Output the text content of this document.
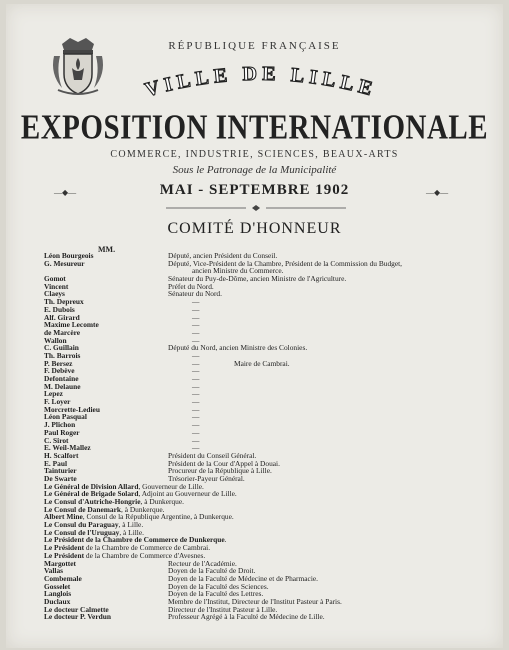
RÉPUBLIQUE FRANÇAISE
VILLE DE LILLE
EXPOSITION INTERNATIONALE
COMMERCE, INDUSTRIE, SCIENCES, BEAUX-ARTS
Sous le Patronage de la Municipalité
—◆—	MAI - SEPTEMBRE 1902	—◆—
COMITÉ D'HONNEUR
MM.
Léon Bourgeois	Député, ancien Président du Conseil.
G. Mesureur	Député, Vice-Président de la Chambre, Président de la Commission du Budget,
ancien Ministre du Commerce.
Gomot	Sénateur du Puy-de-Dôme, ancien Ministre de l'Agriculture.
Vincent	Préfet du Nord.
Claeys	Sénateur du Nord.
Th. Depreux	—
E. Dubois	—
Alf. Girard	—
Maxime Lecomte	—
de Marcère	—
Wallon	—
C. Guillain	Député du Nord, ancien Ministre des Colonies.
Th. Barrois	—
P. Bersez	—	Maire de Cambrai.
F. Debève	—
Defontaine	—
M. Delaune	—
Lepez	—
F. Loyer	—
Morcrette-Ledieu	—
Léon Pasqual	—
J. Plichon	—
Paul Roger	—
C. Sirot	—
E. Weil-Mallez	—
H. Scalfort	Président du Conseil Général.
E. Paul	Président de la Cour d'Appel à Douai.
Tainturier	Procureur de la République à Lille.
De Swarte	Trésorier-Payeur Général.
Le Général de Division Allard, Gouverneur de Lille.
Le Général de Brigade Solard, Adjoint au Gouverneur de Lille.
Le Consul d'Autriche-Hongrie, à Dunkerque.
Le Consul de Danemark, à Dunkerque.
Albert Mine, Consul de la République Argentine, à Dunkerque.
Le Consul du Paraguay, à Lille.
Le Consul de l'Uruguay, à Lille.
Le Président de la Chambre de Commerce de Dunkerque.
Le Président de la Chambre de Commerce de Cambrai.
Le Président de la Chambre de Commerce d'Avesnes.
Margottet	Recteur de l'Académie.
Vallas	Doyen de la Faculté de Droit.
Combemale	Doyen de la Faculté de Médecine et de Pharmacie.
Gosselet	Doyen de la Faculté des Sciences.
Langlois	Doyen de la Faculté des Lettres.
Duclaux	Membre de l'Institut, Directeur de l'Institut Pasteur à Paris.
Le docteur Calmette	Directeur de l'Institut Pasteur à Lille.
Le docteur P. Verdun	Professeur Agrégé à la Faculté de Médecine de Lille.
